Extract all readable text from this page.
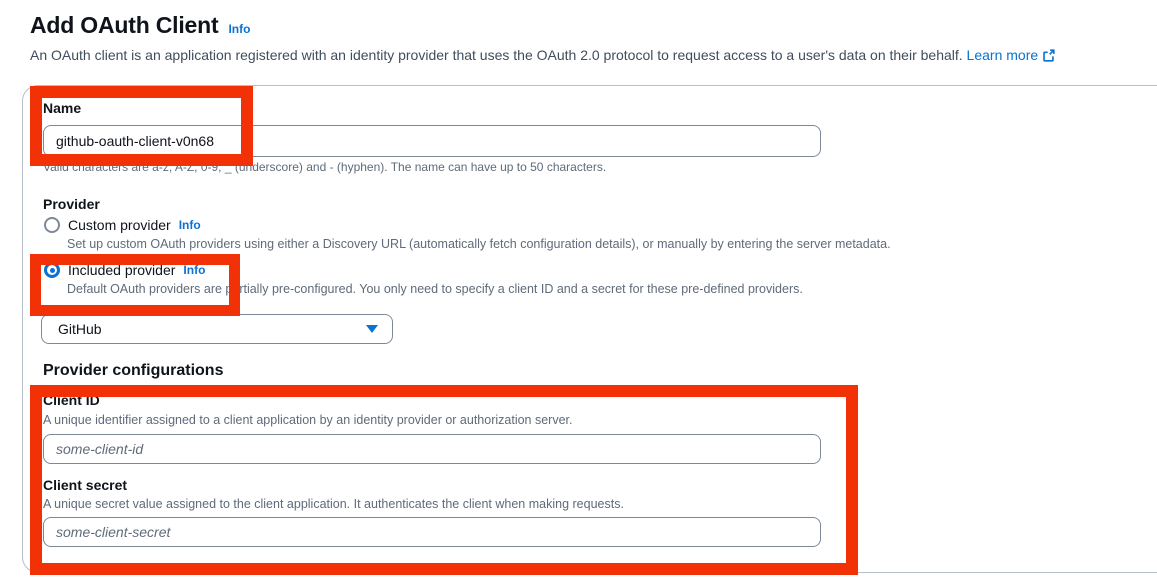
Add OAuth Client Info
An OAuth client is an application registered with an identity provider that uses the OAuth 2.0 protocol to request access to a user's data on their behalf. Learn more
Name
github-oauth-client-v0n68
Valid characters are a-z, A-Z, 0-9, _ (underscore) and - (hyphen). The name can have up to 50 characters.
Provider
Custom provider Info
Set up custom OAuth providers using either a Discovery URL (automatically fetch configuration details), or manually by entering the server metadata.
Included provider Info
Default OAuth providers are partially pre-configured. You only need to specify a client ID and a secret for these pre-defined providers.
GitHub
Provider configurations
Client ID
A unique identifier assigned to a client application by an identity provider or authorization server.
some-client-id
Client secret
A unique secret value assigned to the client application. It authenticates the client when making requests.
some-client-secret
